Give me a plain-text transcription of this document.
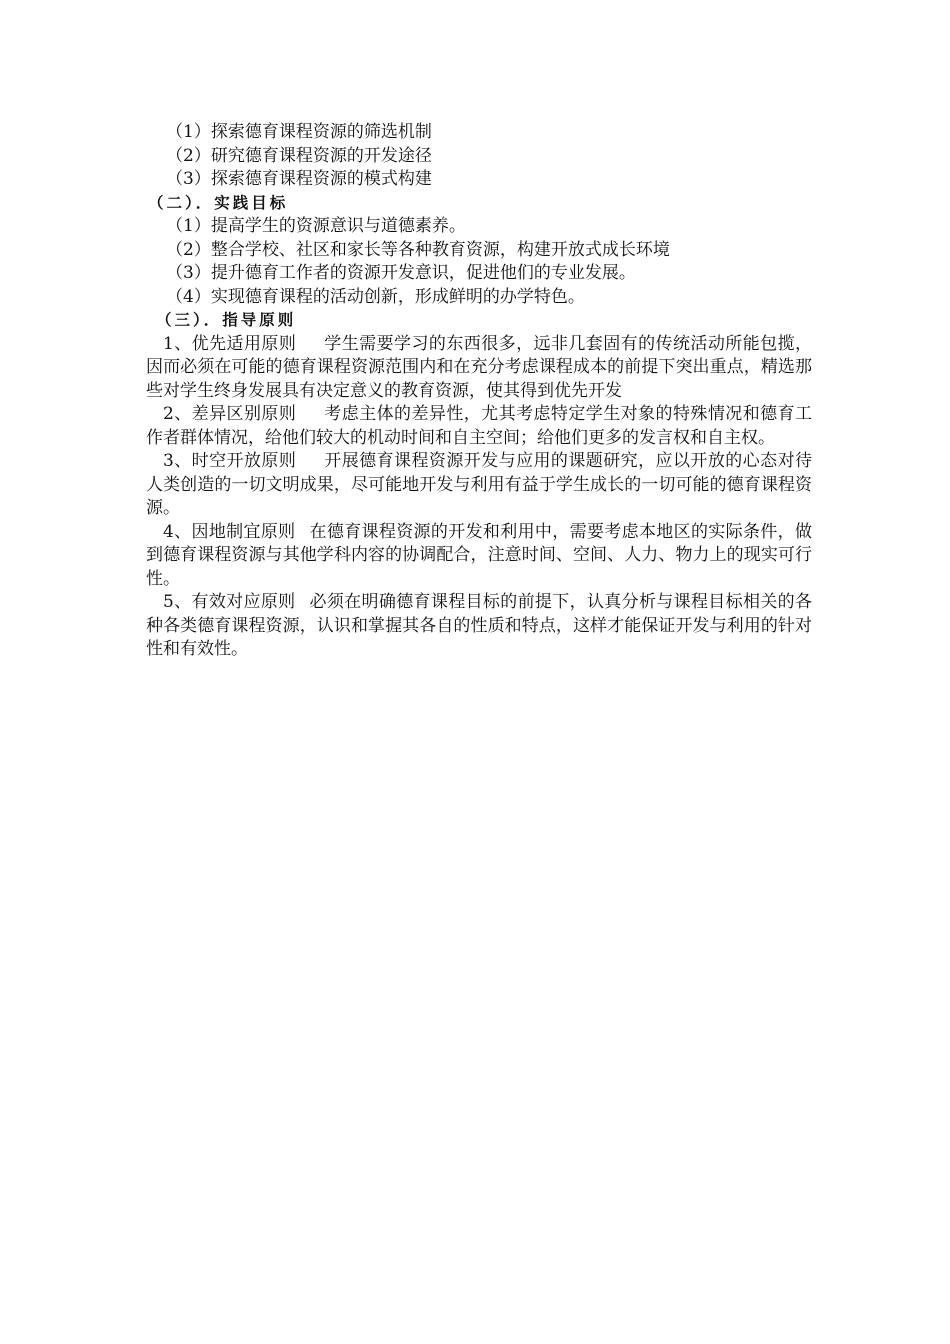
（1）探索德育课程资源的筛选机制
（2）研究德育课程资源的开发途径
（3）探索德育课程资源的模式构建
（二）．实践目标
（1）提高学生的资源意识与道德素养。
（2）整合学校、社区和家长等各种教育资源，构建开放式成长环境
（3）提升德育工作者的资源开发意识，促进他们的专业发展。
（4）实现德育课程的活动创新，形成鲜明的办学特色。
（三）．指导原则

1、优先适用原则 学生需要学习的东西很多，远非几套固有的传统活动所能包揽，因而必须在可能的德育课程资源范围内和在充分考虑课程成本的前提下突出重点，精选那些对学生终身发展具有决定意义的教育资源，使其得到优先开发

2、差异区别原则 考虑主体的差异性，尤其考虑特定学生对象的特殊情况和德育工作者群体情况，给他们较大的机动时间和自主空间；给他们更多的发言权和自主权。

3、时空开放原则 开展德育课程资源开发与应用的课题研究，应以开放的心态对待人类创造的一切文明成果，尽可能地开发与利用有益于学生成长的一切可能的德育课程资源。

4、因地制宜原则 在德育课程资源的开发和利用中，需要考虑本地区的实际条件，做到德育课程资源与其他学科内容的协调配合，注意时间、空间、人力、物力上的现实可行性。

5、有效对应原则 必须在明确德育课程目标的前提下，认真分析与课程目标相关的各种各类德育课程资源，认识和掌握其各自的性质和特点，这样才能保证开发与利用的针对性和有效性。
